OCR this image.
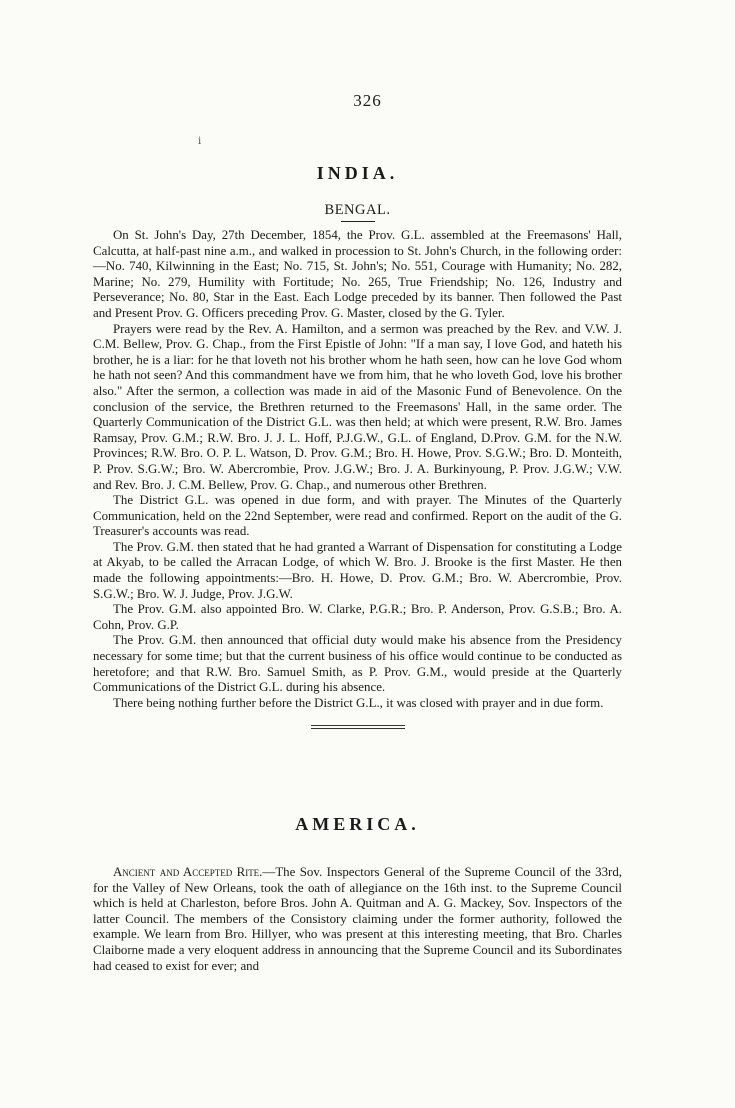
326
ⅰ
INDIA.
BENGAL.

On St. John's Day, 27th December, 1854, the Prov. G.L. assembled at the Freemasons' Hall, Calcutta, at half-past nine a.m., and walked in procession to St. John's Church, in the following order:—No. 740, Kilwinning in the East; No. 715, St. John's; No. 551, Courage with Humanity; No. 282, Marine; No. 279, Humility with Fortitude; No. 265, True Friendship; No. 126, Industry and Perseverance; No. 80, Star in the East. Each Lodge preceded by its banner. Then followed the Past and Present Prov. G. Officers preceding Prov. G. Master, closed by the G. Tyler.

Prayers were read by the Rev. A. Hamilton, and a sermon was preached by the Rev. and V.W. J. C.M. Bellew, Prov. G. Chap., from the First Epistle of John: "If a man say, I love God, and hateth his brother, he is a liar: for he that loveth not his brother whom he hath seen, how can he love God whom he hath not seen? And this commandment have we from him, that he who loveth God, love his brother also." After the sermon, a collection was made in aid of the Masonic Fund of Benevolence. On the conclusion of the service, the Brethren returned to the Freemasons' Hall, in the same order. The Quarterly Communication of the District G.L. was then held; at which were present, R.W. Bro. James Ramsay, Prov. G.M.; R.W. Bro. J. J. L. Hoff, P.J.G.W., G.L. of England, D.Prov. G.M. for the N.W. Provinces; R.W. Bro. O. P. L. Watson, D. Prov. G.M.; Bro. H. Howe, Prov. S.G.W.; Bro. D. Monteith, P. Prov. S.G.W.; Bro. W. Abercrombie, Prov. J.G.W.; Bro. J. A. Burkinyoung, P. Prov. J.G.W.; V.W. and Rev. Bro. J. C.M. Bellew, Prov. G. Chap., and numerous other Brethren.

The District G.L. was opened in due form, and with prayer. The Minutes of the Quarterly Communication, held on the 22nd September, were read and confirmed. Report on the audit of the G. Treasurer's accounts was read.

The Prov. G.M. then stated that he had granted a Warrant of Dispensation for constituting a Lodge at Akyab, to be called the Arracan Lodge, of which W. Bro. J. Brooke is the first Master. He then made the following appointments:—Bro. H. Howe, D. Prov. G.M.; Bro. W. Abercrombie, Prov. S.G.W.; Bro. W. J. Judge, Prov. J.G.W.

The Prov. G.M. also appointed Bro. W. Clarke, P.G.R.; Bro. P. Anderson, Prov. G.S.B.; Bro. A. Cohn, Prov. G.P.

The Prov. G.M. then announced that official duty would make his absence from the Presidency necessary for some time; but that the current business of his office would continue to be conducted as heretofore; and that R.W. Bro. Samuel Smith, as P. Prov. G.M., would preside at the Quarterly Communications of the District G.L. during his absence.

There being nothing further before the District G.L., it was closed with prayer and in due form.

AMERICA.

Ancient and Accepted Rite.—The Sov. Inspectors General of the Supreme Council of the 33rd, for the Valley of New Orleans, took the oath of allegiance on the 16th inst. to the Supreme Council which is held at Charleston, before Bros. John A. Quitman and A. G. Mackey, Sov. Inspectors of the latter Council. The members of the Consistory claiming under the former authority, followed the example. We learn from Bro. Hillyer, who was present at this interesting meeting, that Bro. Charles Claiborne made a very eloquent address in announcing that the Supreme Council and its Subordinates had ceased to exist for ever; and
